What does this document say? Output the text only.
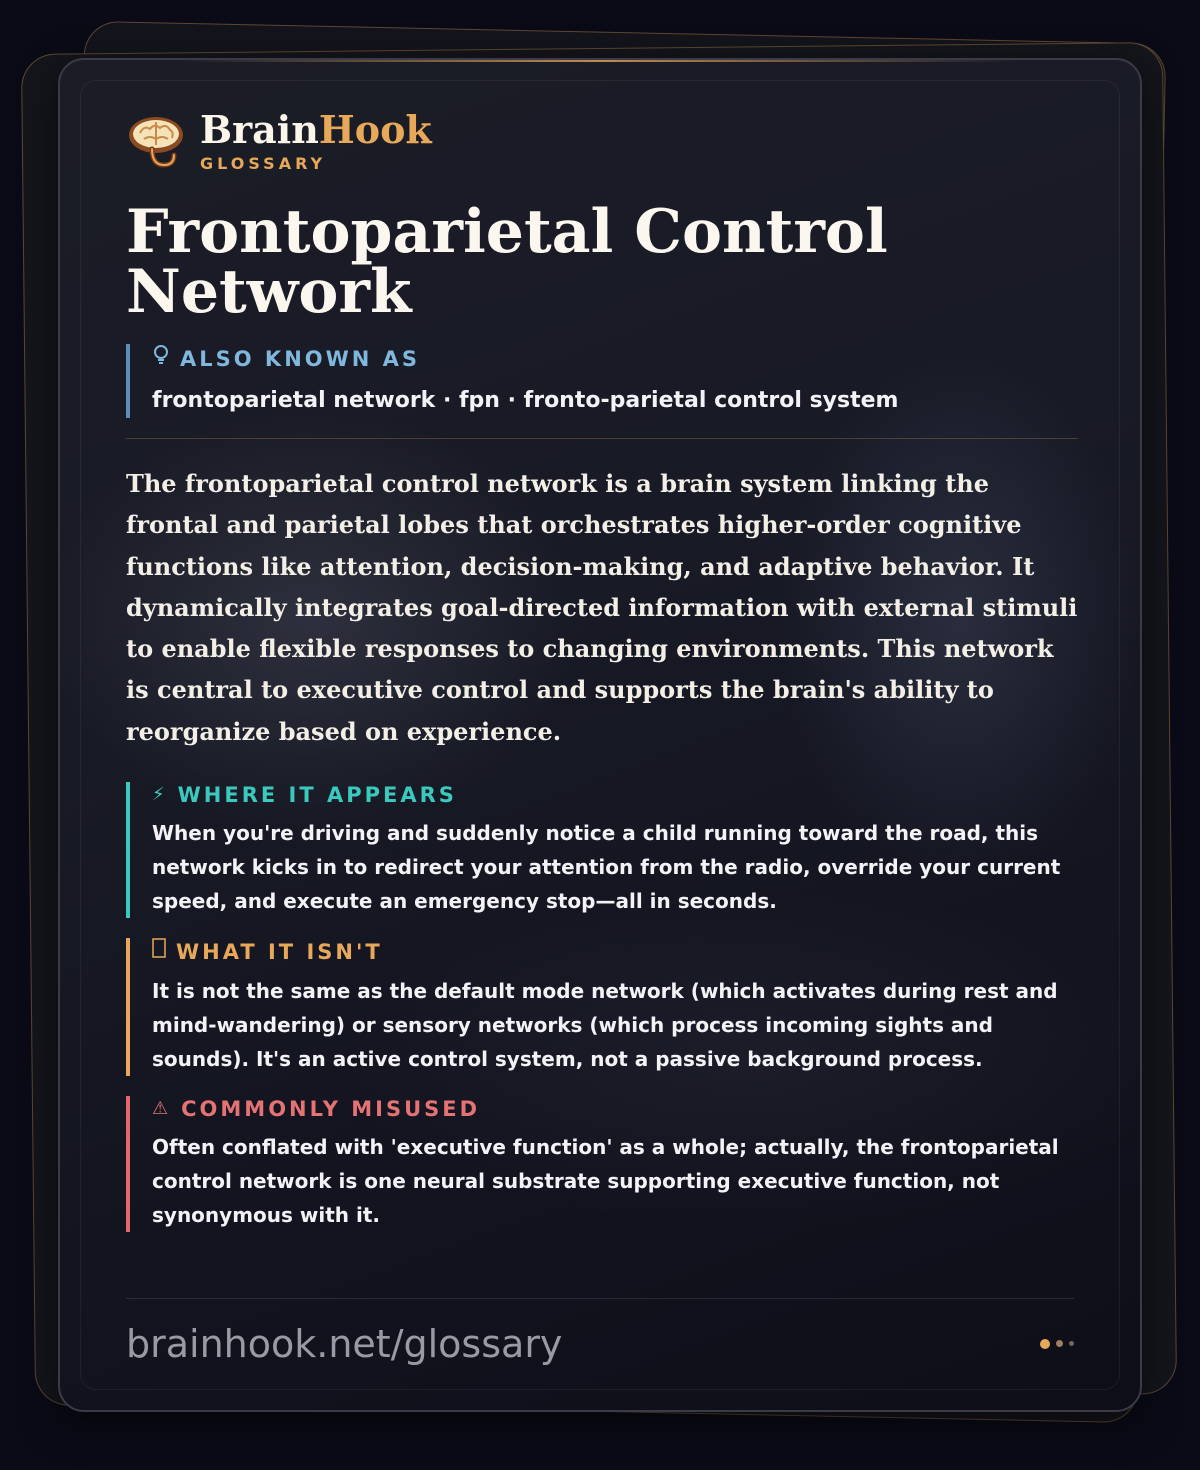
BrainHook
GLOSSARY
Frontoparietal Control
Network
ALSO KNOWN AS
frontoparietal network · fpn · fronto-parietal control system

The frontoparietal control network is a brain system linking the frontal and parietal lobes that orchestrates higher-order cognitive functions like attention, decision-making, and adaptive behavior. It dynamically integrates goal-directed information with external stimuli to enable flexible responses to changing environments. This network is central to executive control and supports the brain's ability to reorganize based on experience.

⚡ WHERE IT APPEARS
When you're driving and suddenly notice a child running toward the road, this network kicks in to redirect your attention from the radio, override your current speed, and execute an emergency stop—all in seconds.
WHAT IT ISN'T
It is not the same as the default mode network (which activates during rest and mind-wandering) or sensory networks (which process incoming sights and sounds). It's an active control system, not a passive background process.
⚠ COMMONLY MISUSED
Often conflated with 'executive function' as a whole; actually, the frontoparietal control network is one neural substrate supporting executive function, not synonymous with it.
brainhook.net/glossary
